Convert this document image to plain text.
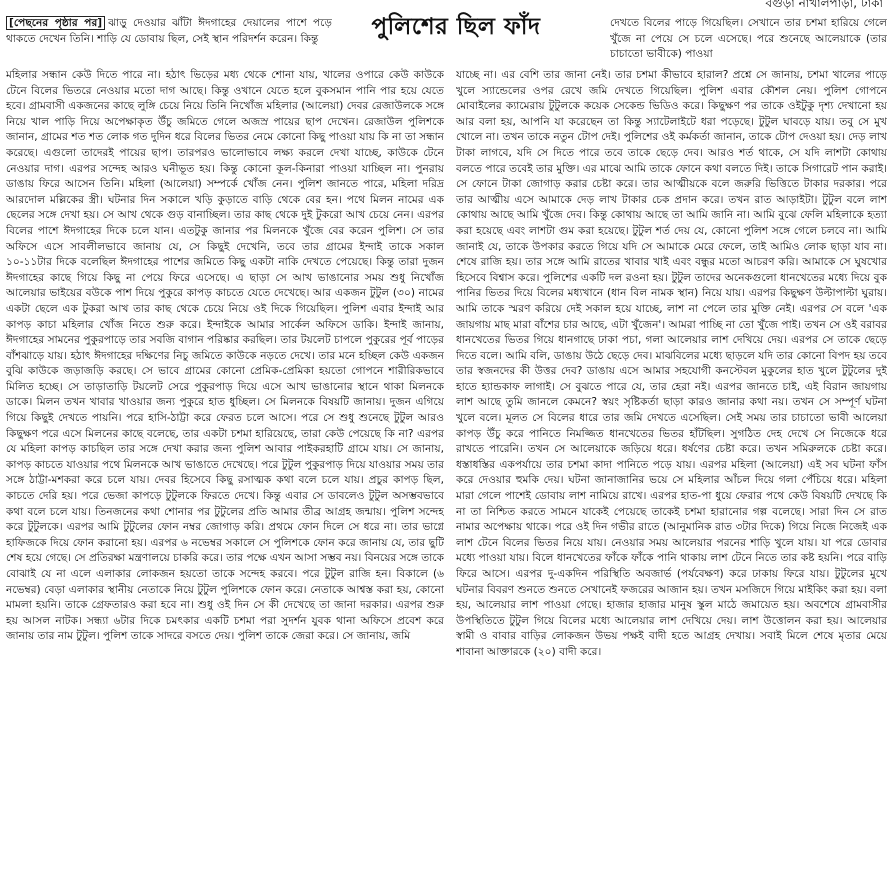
বগুড়া নাখালপাড়া, ঢাকা
পুলিশের ছিল ফাঁদ

[পেছনের পৃষ্ঠার পর] ঝাড়ু দেওয়ার ঝাঁটা ঈদগাহের দেয়ালের পাশে পড়ে থাকতে দেখেন তিনি। শাড়ি যে ডোবায় ছিল, সেই স্থান পরিদর্শন করেন। কিন্তু

মহিলার সন্ধান কেউ দিতে পারে না। হঠাৎ ভিড়ের মধ্য থেকে শোনা যায়, খালের ওপারে কেউ কাউকে টেনে বিলের ভিতরে নেওয়ার মতো দাগ আছে। কিন্তু ওখানে যেতে হলে বুকসমান পানি পার হয়ে যেতে হবে। গ্রামবাসী একজনের কাছে লুঙ্গি চেয়ে নিয়ে তিনি নিখোঁজ মহিলার (আলেয়া) দেবর রেজাউলকে সঙ্গে নিয়ে খাল পাড়ি দিয়ে অপেক্ষাকৃত উঁচু জমিতে গেলে অজস্র পায়ের ছাপ দেখেন। রেজাউল পুলিশকে জানান, গ্রামের শত শত লোক গত দুদিন ধরে বিলের ভিতর নেমে কোনো কিছু পাওয়া যায় কি না তা সন্ধান করেছে। এগুলো তাদেরই পায়ের ছাপ। তারপরও ভালোভাবে লক্ষ্য করলে দেখা যাচ্ছে, কাউকে টেনে নেওয়ার দাগ। এরপর সন্দেহ আরও ঘনীভূত হয়। কিন্তু কোনো কূল-কিনারা পাওয়া যাচ্ছিল না। পুনরায় ডাঙায় ফিরে আসেন তিনি। মহিলা (আলেয়া) সম্পর্কে খোঁজ নেন। পুলিশ জানতে পারে, মহিলা দরিদ্র আরদোল মল্লিকের স্ত্রী। ঘটনার দিন সকালে খড়ি কুড়াতে বাড়ি থেকে বের হন। পথে মিলন নামের এক ছেলের সঙ্গে দেখা হয়। সে আখ থেকে গুড় বানাচ্ছিল। তার কাছ থেকে দুই টুকরো আখ চেয়ে নেন। এরপর বিলের পাশে ঈদগাহের দিকে চলে যান। এতটুকু জানার পর মিলনকে খুঁজে বের করেন পুলিশ। সে তার অফিসে এসে সাবলীলভাবে জানায় যে, সে কিছুই দেখেনি, তবে তার গ্রামের ইন্দাই তাকে সকাল ১০-১১টার দিকে বলেছিল ঈদগাহের পাশের জমিতে কিছু একটা নাকি দেখতে পেয়েছে। কিন্তু তারা দুজন ঈদগাহের কাছে গিয়ে কিছু না পেয়ে ফিরে এসেছে। এ ছাড়া সে আখ ভাঙানোর সময় শুধু নিখোঁজ আলেয়ার ভাইয়ের বউকে পাশ দিয়ে পুকুরে কাপড় কাচতে যেতে দেখেছে। আর একজন টুটুল (৩০) নামের একটা ছেলে এক টুকরা আখ তার কাছ থেকে চেয়ে নিয়ে ওই দিকে গিয়েছিল। পুলিশ এবার ইন্দাই আর কাপড় কাচা মহিলার খোঁজ নিতে শুরু করে। ইন্দাইকে আমার সার্কেল অফিসে ডাকি। ইন্দাই জানায়, ঈদগাহের সামনের পুকুরপাড়ে তার সবজি বাগান পরিষ্কার করছিল। তার টয়লেট চাপলে পুকুরের পূর্ব পাড়ের বাঁশঝাড়ে যায়। হঠাৎ ঈদগাহের দক্ষিণের নিচু জমিতে কাউকে নড়তে দেখে। তার মনে হচ্ছিল কেউ একজন বুঝি কাউকে জড়াজড়ি করছে। সে ভাবে গ্রামের কোনো প্রেমিক-প্রেমিকা হয়তো গোপনে শারীরিকভাবে মিলিত হচ্ছে। সে তাড়াতাড়ি টয়লেট সেরে পুকুরপাড় দিয়ে এসে আখ ভাঙানোর স্থানে থাকা মিলনকে ডাকে। মিলন তখন খাবার খাওয়ার জন্য পুকুরে হাত ধুচ্ছিল। সে মিলনকে বিষয়টি জানায়। দুজন এগিয়ে গিয়ে কিছুই দেখতে পায়নি। পরে হাসি-ঠাট্টা করে ফেরত চলে আসে। পরে সে শুধু শুনেছে টুটুল আরও কিছুক্ষণ পরে এসে মিলনের কাছে বলেছে, তার একটা চশমা হারিয়েছে, তারা কেউ পেয়েছে কি না? এরপর যে মহিলা কাপড় কাচছিল তার সঙ্গে দেখা করার জন্য পুলিশ আবার পাইকরহাটি গ্রামে যায়। সে জানায়, কাপড় কাচতে যাওয়ার পথে মিলনকে আখ ভাঙাতে দেখেছে। পরে টুটুল পুকুরপাড় দিয়ে যাওয়ার সময় তার সঙ্গে ঠাট্টা-মশকরা করে চলে যায়। দেবর হিসেবে কিছু রসাত্মক কথা বলে চলে যায়। প্রচুর কাপড় ছিল, কাচতে দেরি হয়। পরে ভেজা কাপড়ে টুটুলকে ফিরতে দেখে। কিন্তু এবার সে ডাবলেও টুটুল অসম্ভবভাবে কথা বলে চলে যায়। তিনজনের কথা শোনার পর টুটুলের প্রতি আমার তীব্র আগ্রহ জন্মায়। পুলিশ সন্দেহ করে টুটুলকে। এরপর আমি টুটুলের ফোন নম্বর জোগাড় করি। প্রথমে ফোন দিলে সে ধরে না। তার ভাগ্নে হাফিজকে দিয়ে ফোন করানো হয়। এরপর ৬ নভেম্বর সকালে সে পুলিশকে ফোন করে জানায় যে, তার ছুটি শেষ হয়ে গেছে। সে প্রতিরক্ষা মন্ত্রণালয়ে চাকরি করে। তার পক্ষে এখন আসা সম্ভব নয়। বিনয়ের সঙ্গে তাকে বোঝাই যে না এলে এলাকার লোকজন হয়তো তাকে সন্দেহ করবে। পরে টুটুল রাজি হন। বিকালে (৬ নভেম্বর) বেড়া এলাকার স্থানীয় নেতাকে নিয়ে টুটুল পুলিশকে ফোন করে। নেতাকে আশ্বস্ত করা হয়, কোনো মামলা হয়নি। তাকে গ্রেফতারও করা হবে না। শুধু ওই দিন সে কী দেখেছে তা জানা দরকার। এরপর শুরু হয় আসল নাটক। সন্ধ্যা ৬টার দিকে চমৎকার একটি চশমা পরা সুদর্শন যুবক থানা অফিসে প্রবেশ করে জানায় তার নাম টুটুল। পুলিশ তাকে সাদরে বসতে দেয়। পুলিশ তাকে জেরা করে। সে জানায়, জমি

দেখতে বিলের পাড়ে গিয়েছিল। সেখানে তার চশমা হারিয়ে গেলে খুঁজে না পেয়ে সে চলে এসেছে। পরে শুনেছে আলেয়াকে (তার চাচাতো ভাবীকে) পাওয়া

যাচ্ছে না। এর বেশি তার জানা নেই। তার চশমা কীভাবে হারাল? প্রশ্নে সে জানায়, চশমা খালের পাড়ে খুলে স্যান্ডেলের ওপর রেখে জমি দেখতে গিয়েছিল। পুলিশ এবার কৌশল নেয়। পুলিশ গোপনে মোবাইলের ক্যামেরায় টুটুলকে কয়েক সেকেন্ড ভিডিও করে। কিছুক্ষণ পর তাকে ওইটুকু দৃশ্য দেখানো হয় আর বলা হয়, আপনি যা করেছেন তা কিন্তু স্যাটেলাইটে ধরা পড়েছে। টুটুল ঘাবড়ে যায়। তবু সে মুখ খোলে না। তখন তাকে নতুন টোপ দেই। পুলিশের ওই কর্মকর্তা জানান, তাকে টোপ দেওয়া হয়। দেড় লাখ টাকা লাগবে, যদি সে দিতে পারে তবে তাকে ছেড়ে দেব। আরও শর্ত থাকে, সে যদি লাশটা কোথায় বলতে পারে তবেই তার মুক্তি। এর মাঝে আমি তাকে ফোনে কথা বলতে দিই। তাকে সিগারেট পান করাই। সে ফোনে টাকা জোগাড় করার চেষ্টা করে। তার আত্মীয়কে বলে জরুরি ভিত্তিতে টাকার দরকার। পরে তার আত্মীয় এসে আমাকে দেড় লাখ টাকার চেক প্রদান করে। তখন রাত আড়াইটা। টুটুল বলে লাশ কোথায় আছে আমি খুঁজে দেব। কিন্তু কোথায় আছে তা আমি জানি না। আমি বুঝে ফেলি মহিলাকে হত্যা করা হয়েছে এবং লাশটা গুম করা হয়েছে। টুটুল শর্ত দেয় যে, কোনো পুলিশ সঙ্গে গেলে চলবে না। আমি জানাই যে, তাকে উপকার করতে গিয়ে যদি সে আমাকে মেরে ফেলে, তাই আমিও লোক ছাড়া যাব না। শেষে রাজি হয়। তার সঙ্গে আমি রাতের খাবার খাই এবং বন্ধুর মতো আচরণ করি। আমাকে সে ঘুষখোর হিসেবে বিশ্বাস করে। পুলিশের একটি দল রওনা হয়। টুটুল তাদের অনেকগুলো ধানখেতের মধ্যে দিয়ে বুক পানির ভিতর দিয়ে বিলের মধ্যখানে (ধান বিল নামক স্থান) নিয়ে যায়। এরপর কিছুক্ষণ উল্টাপাল্টা ঘুরায়। আমি তাকে স্মরণ করিয়ে দেই সকাল হয়ে যাচ্ছে, লাশ না পেলে তার মুক্তি নেই। এরপর সে বলে 'এক জায়গায় মাছ মারা বাঁশের চার আছে, এটা খুঁজেন'। আমরা পাচ্ছি না তো খুঁজে পাই। তখন সে ওই বরাবর ধানখেতের ভিতর গিয়ে ধানগাছে ঢাকা পচা, গলা আলেয়ার লাশ দেখিয়ে দেয়। এরপর সে তাকে ছেড়ে দিতে বলে। আমি বলি, ডাঙায় উঠে ছেড়ে দেব। মাঝবিলের মধ্যে ছাড়লে যদি তার কোনো বিপদ হয় তবে তার স্বজনদের কী উত্তর দেব? ডাঙায় এসে আমার সহযোগী কনস্টেবল মুকুলের হাত খুলে টুটুলের দুই হাতে হ্যান্ডকাফ লাগাই। সে বুঝতে পারে যে, তার হেরা নই। এরপর জানতে চাই, এই বিরান জায়গায় লাশ আছে তুমি জানলে কেমনে? স্বয়ং সৃষ্টিকর্তা ছাড়া কারও জানার কথা নয়। তখন সে সম্পূর্ণ ঘটনা খুলে বলে। মূলত সে বিলের ধারে তার জমি দেখতে এসেছিল। সেই সময় তার চাচাতো ভাবী আলেয়া কাপড় উঁচু করে পানিতে নিমজ্জিত ধানখেতের ভিতর হাঁটছিল। সুগঠিত দেহ দেখে সে নিজেকে ধরে রাখতে পারেনি। তখন সে আলেয়াকে জড়িয়ে ধরে। ধর্ষণের চেষ্টা করে। তখন সমিরুলকে চেষ্টা করে। ধস্তাধস্তির একপর্যায়ে তার চশমা কাদা পানিতে পড়ে যায়। এরপর মহিলা (আলেয়া) এই সব ঘটনা ফাঁস করে দেওয়ার হুমকি দেয়। ঘটনা জানাজানির ভয়ে সে মহিলার আঁচল দিয়ে গলা পেঁচিয়ে ধরে। মহিলা মারা গেলে পাশেই ডোবায় লাশ নামিয়ে রাখে। এরপর হাত-পা ধুয়ে ফেরার পথে কেউ বিষয়টি দেখছে কি না তা নিশ্চিত করতে সামনে যাকেই পেয়েছে তাকেই চশমা হারানোর গল্প বলেছে। সারা দিন সে রাত নামার অপেক্ষায় থাকে। পরে ওই দিন গভীর রাতে (আনুমানিক রাত ৩টার দিকে) গিয়ে নিজে নিজেই এক লাশ টেনে বিলের ভিতর নিয়ে যায়। নেওয়ার সময় আলেয়ার পরনের শাড়ি খুলে যায়। যা পরে ডোবার মধ্যে পাওয়া যায়। বিলে ধানখেতের ফাঁকে ফাঁকে পানি থাকায় লাশ টেনে নিতে তার কষ্ট হয়নি। পরে বাড়ি ফিরে আসে। এরপর দু-একদিন পরিস্থিতি অবজার্ভ (পর্যবেক্ষণ) করে ঢাকায় ফিরে যায়। টুটুলের মুখে ঘটনার বিবরণ শুনতে শুনতে সেখানেই ফজরের আজান হয়। তখন মসজিদে গিয়ে মাইকিং করা হয়। বলা হয়, আলেয়ার লাশ পাওয়া গেছে। হাজার হাজার মানুষ স্কুল মাঠে জমায়েত হয়। অবশেষে গ্রামবাসীর উপস্থিতিতে টুটুল গিয়ে বিলের মধ্যে আলেয়ার লাশ দেখিয়ে দেয়। লাশ উত্তোলন করা হয়। আলেয়ার স্বামী ও বাবার বাড়ির লোকজন উভয় পক্ষই বাদী হতে আগ্রহ দেখায়। সবাই মিলে শেষে মৃতার মেয়ে শাবানা আক্তারকে (২০) বাদী করে।
